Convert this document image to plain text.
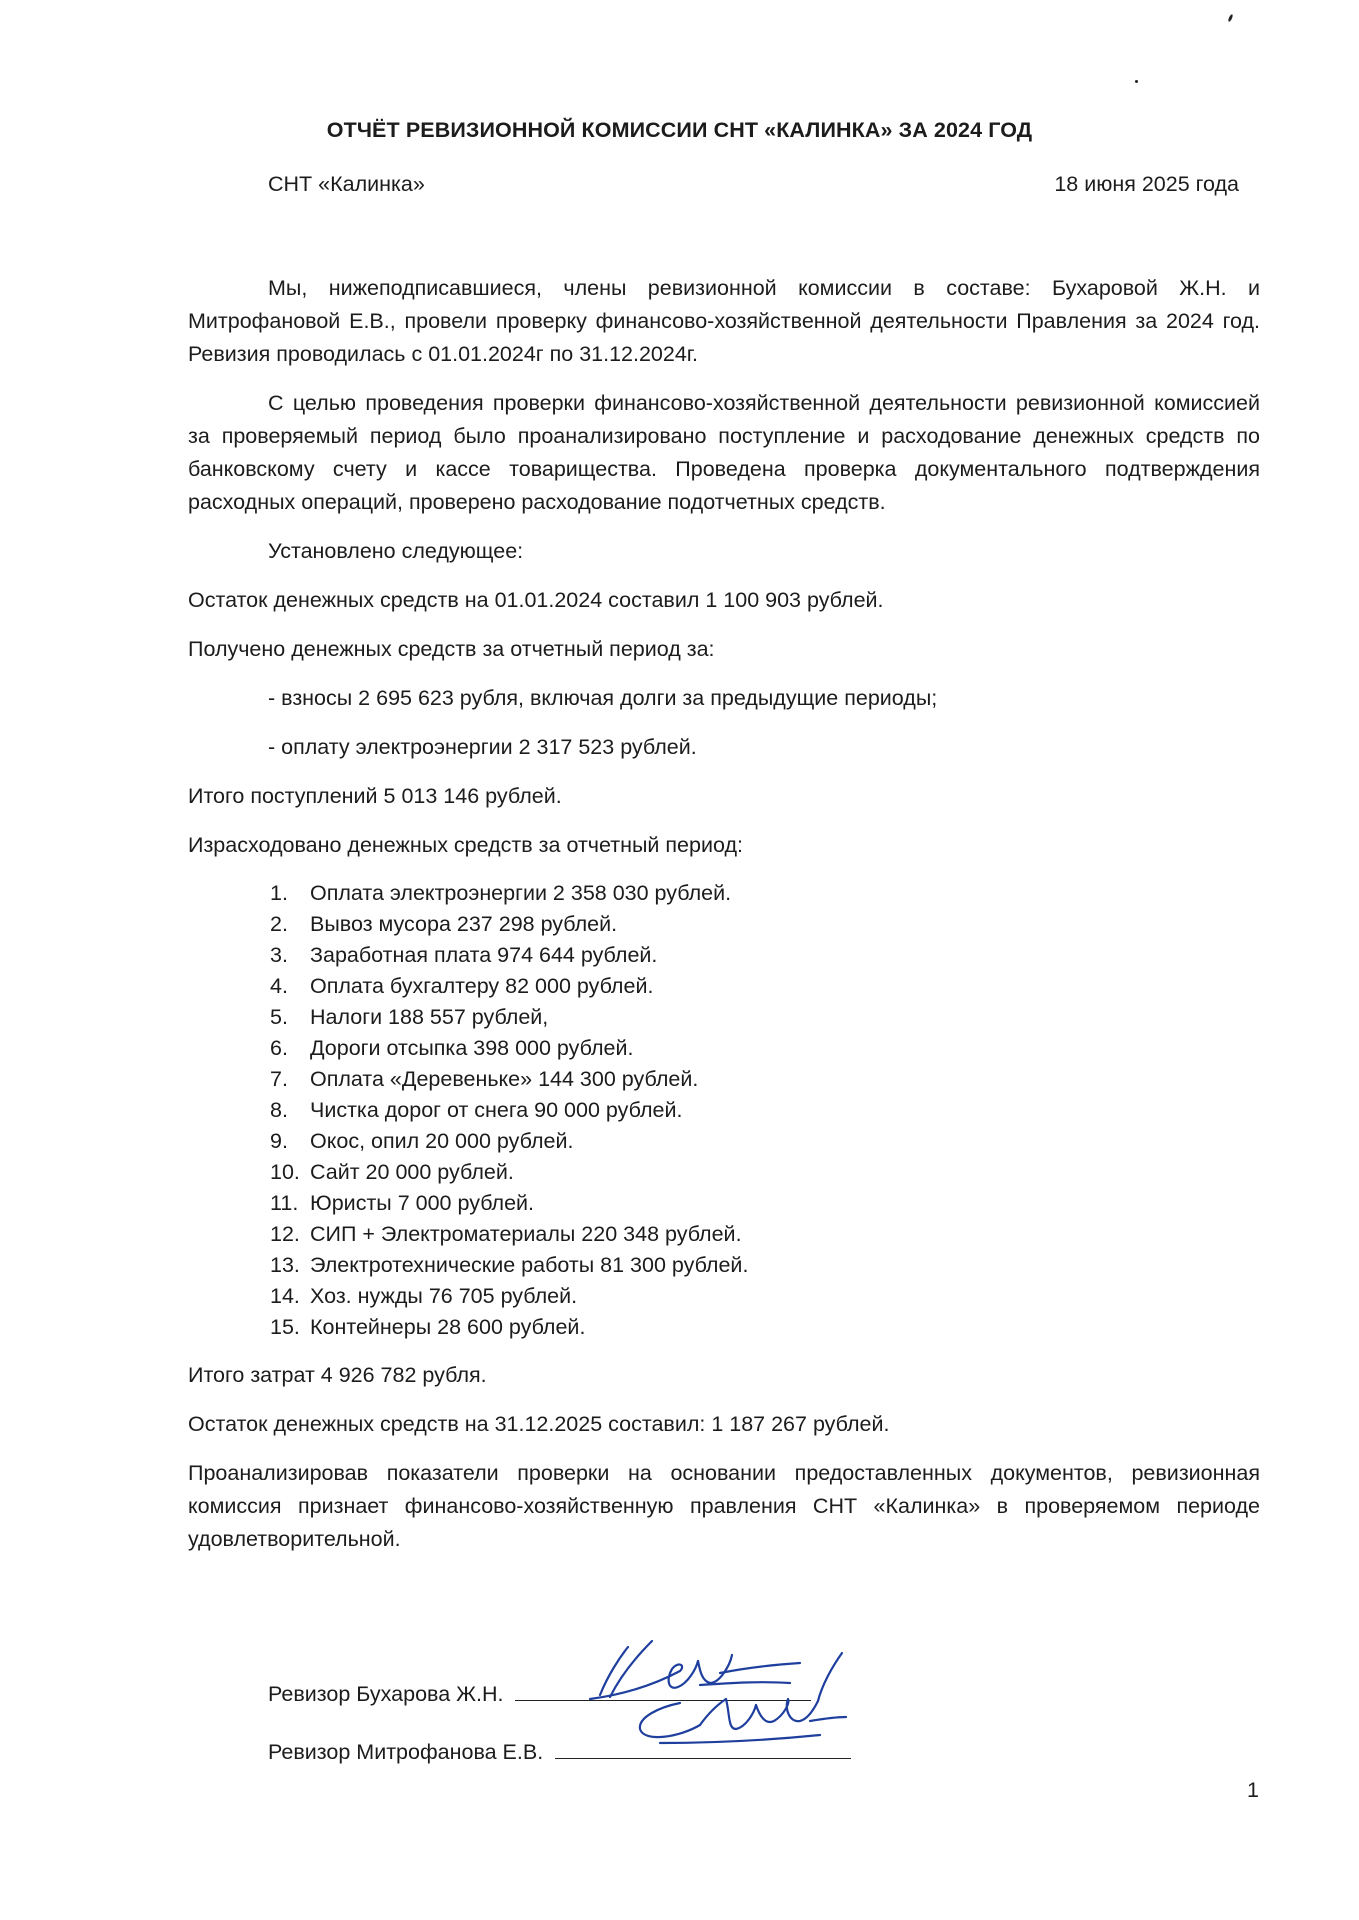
ОТЧЁТ РЕВИЗИОННОЙ КОМИССИИ СНТ «КАЛИНКА» ЗА 2024 ГОД
СНТ «Калинка»	18 июня 2025 года

Мы, нижеподписавшиеся, члены ревизионной комиссии в составе: Бухаровой Ж.Н. и Митрофановой Е.В., провели проверку финансово-хозяйственной деятельности Правления за 2024 год. Ревизия проводилась с 01.01.2024г по 31.12.2024г.

С целью проведения проверки финансово-хозяйственной деятельности ревизионной комиссией за проверяемый период было проанализировано поступление и расходование денежных средств по банковскому счету и кассе товарищества. Проведена проверка документального подтверждения расходных операций, проверено расходование подотчетных средств.

Установлено следующее:

Остаток денежных средств на 01.01.2024 составил 1 100 903 рублей.

Получено денежных средств за отчетный период за:

- взносы 2 695 623 рубля, включая долги за предыдущие периоды;

- оплату электроэнергии 2 317 523 рублей.

Итого поступлений 5 013 146 рублей.

Израсходовано денежных средств за отчетный период:

1.	Оплата электроэнергии 2 358 030 рублей.
2.	Вывоз мусора 237 298 рублей.
3.	Заработная плата 974 644 рублей.
4.	Оплата бухгалтеру 82 000 рублей.
5.	Налоги 188 557 рублей,
6.	Дороги отсыпка 398 000 рублей.
7.	Оплата «Деревеньке» 144 300 рублей.
8.	Чистка дорог от снега 90 000 рублей.
9.	Окос, опил 20 000 рублей.
10. Сайт 20 000 рублей.
11. Юристы 7 000 рублей.
12. СИП + Электроматериалы 220 348 рублей.
13. Электротехнические работы 81 300 рублей.
14. Хоз. нужды 76 705 рублей.
15. Контейнеры 28 600 рублей.

Итого затрат 4 926 782 рубля.

Остаток денежных средств на 31.12.2025 составил: 1 187 267 рублей.

Проанализировав показатели проверки на основании предоставленных документов, ревизионная комиссия признает финансово-хозяйственную правления СНТ «Калинка» в проверяемом периоде удовлетворительной.

Ревизор Бухарова Ж.Н.
Ревизор Митрофанова Е.В.
1
